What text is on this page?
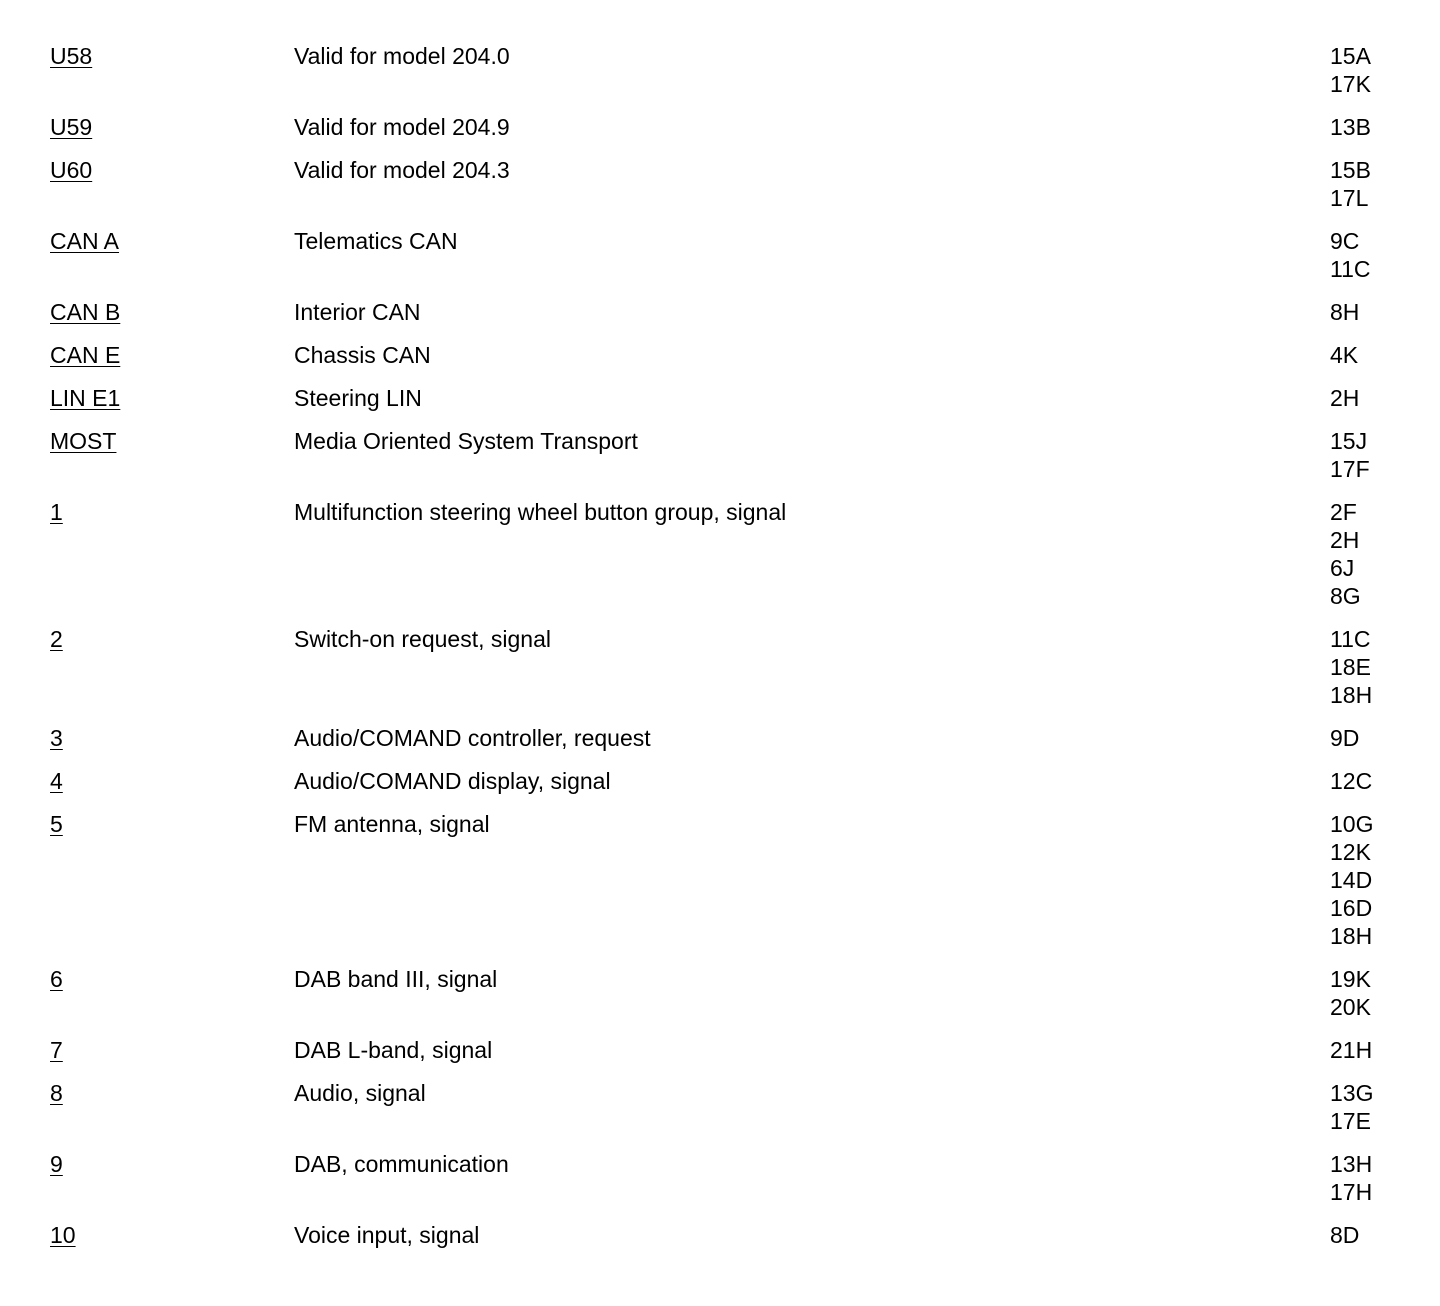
U58	Valid for model 204.0	15A
17K
U59	Valid for model 204.9	13B
U60	Valid for model 204.3	15B
17L
CAN A	Telematics CAN	9C
11C
CAN B	Interior CAN	8H
CAN E	Chassis CAN	4K
LIN E1	Steering LIN	2H
MOST	Media Oriented System Transport	15J
17F
1	Multifunction steering wheel button group, signal	2F
2H
6J
8G
2	Switch-on request, signal	11C
18E
18H
3	Audio/COMAND controller, request	9D
4	Audio/COMAND display, signal	12C
5	FM antenna, signal	10G
12K
14D
16D
18H
6	DAB band III, signal	19K
20K
7	DAB L-band, signal	21H
8	Audio, signal	13G
17E
9	DAB, communication	13H
17H
10	Voice input, signal	8D
